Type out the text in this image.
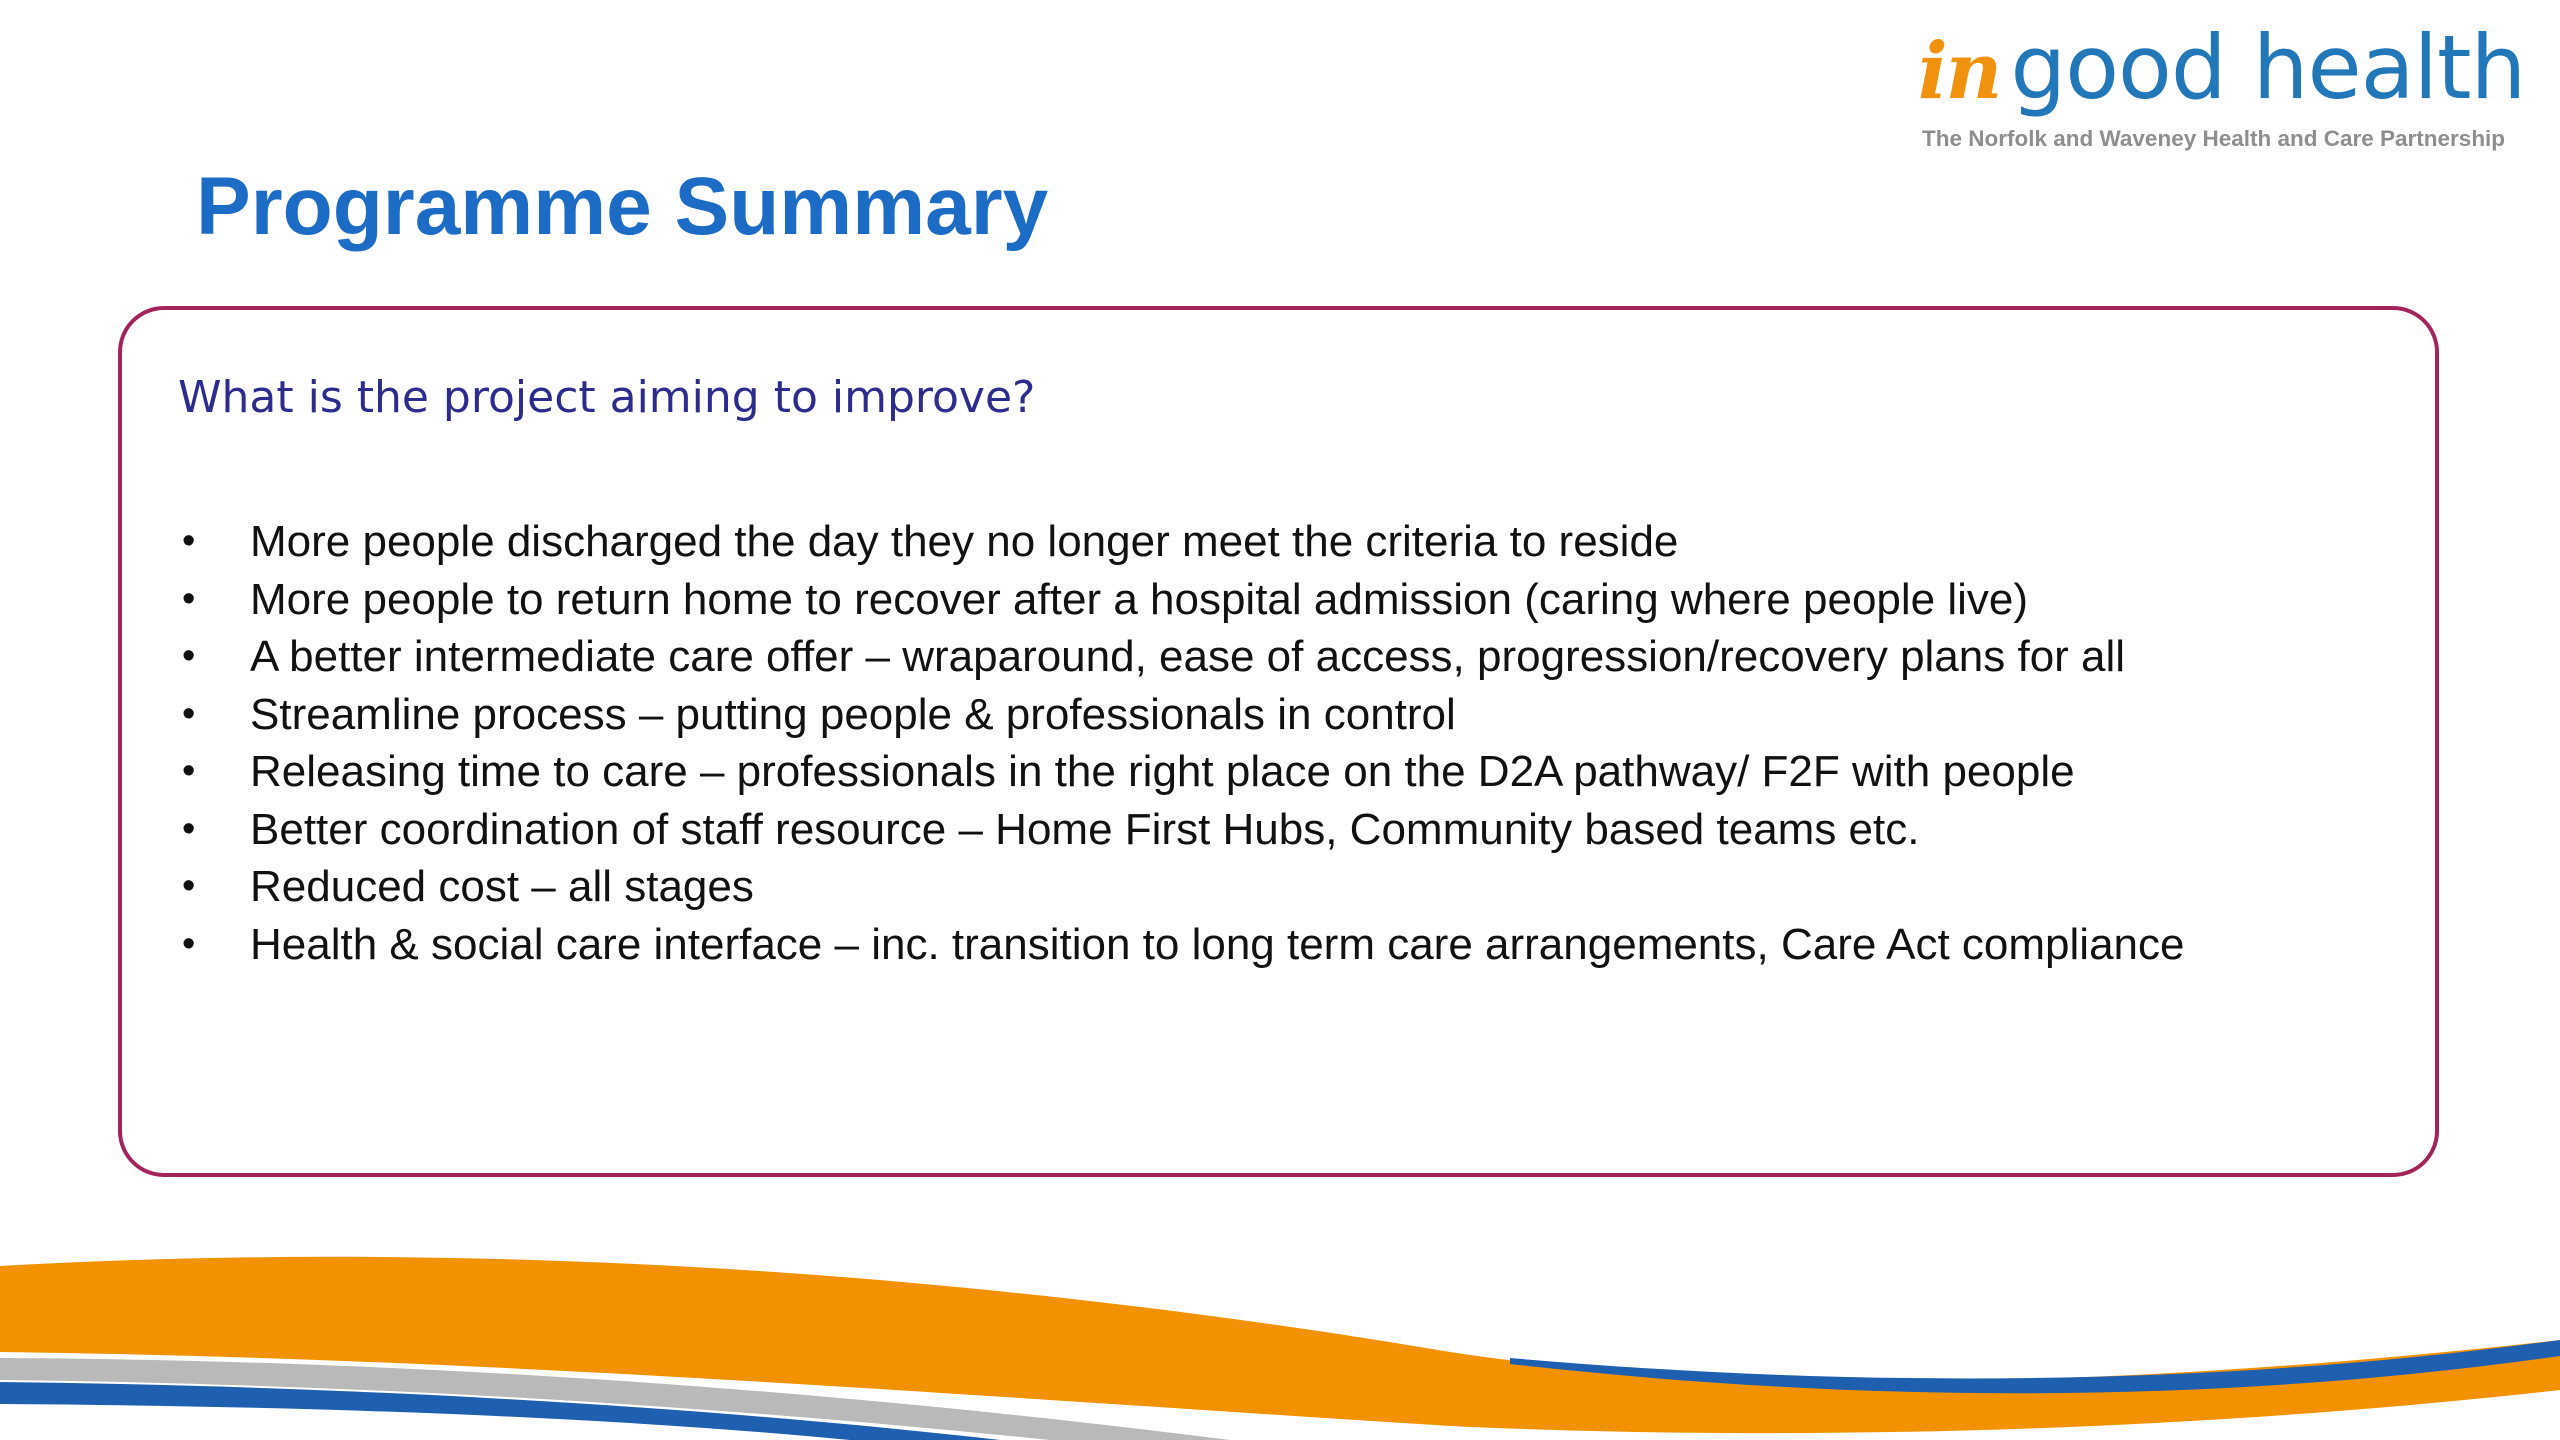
in good health
The Norfolk and Waveney Health and Care Partnership
Programme Summary
What is the project aiming to improve?
• More people discharged the day they no longer meet the criteria to reside
• More people to return home to recover after a hospital admission (caring where people live)
• A better intermediate care offer – wraparound, ease of access, progression/recovery plans for all
• Streamline process – putting people & professionals in control
• Releasing time to care – professionals in the right place on the D2A pathway/ F2F with people
• Better coordination of staff resource – Home First Hubs, Community based teams etc.
• Reduced cost – all stages
• Health & social care interface – inc. transition to long term care arrangements, Care Act compliance
